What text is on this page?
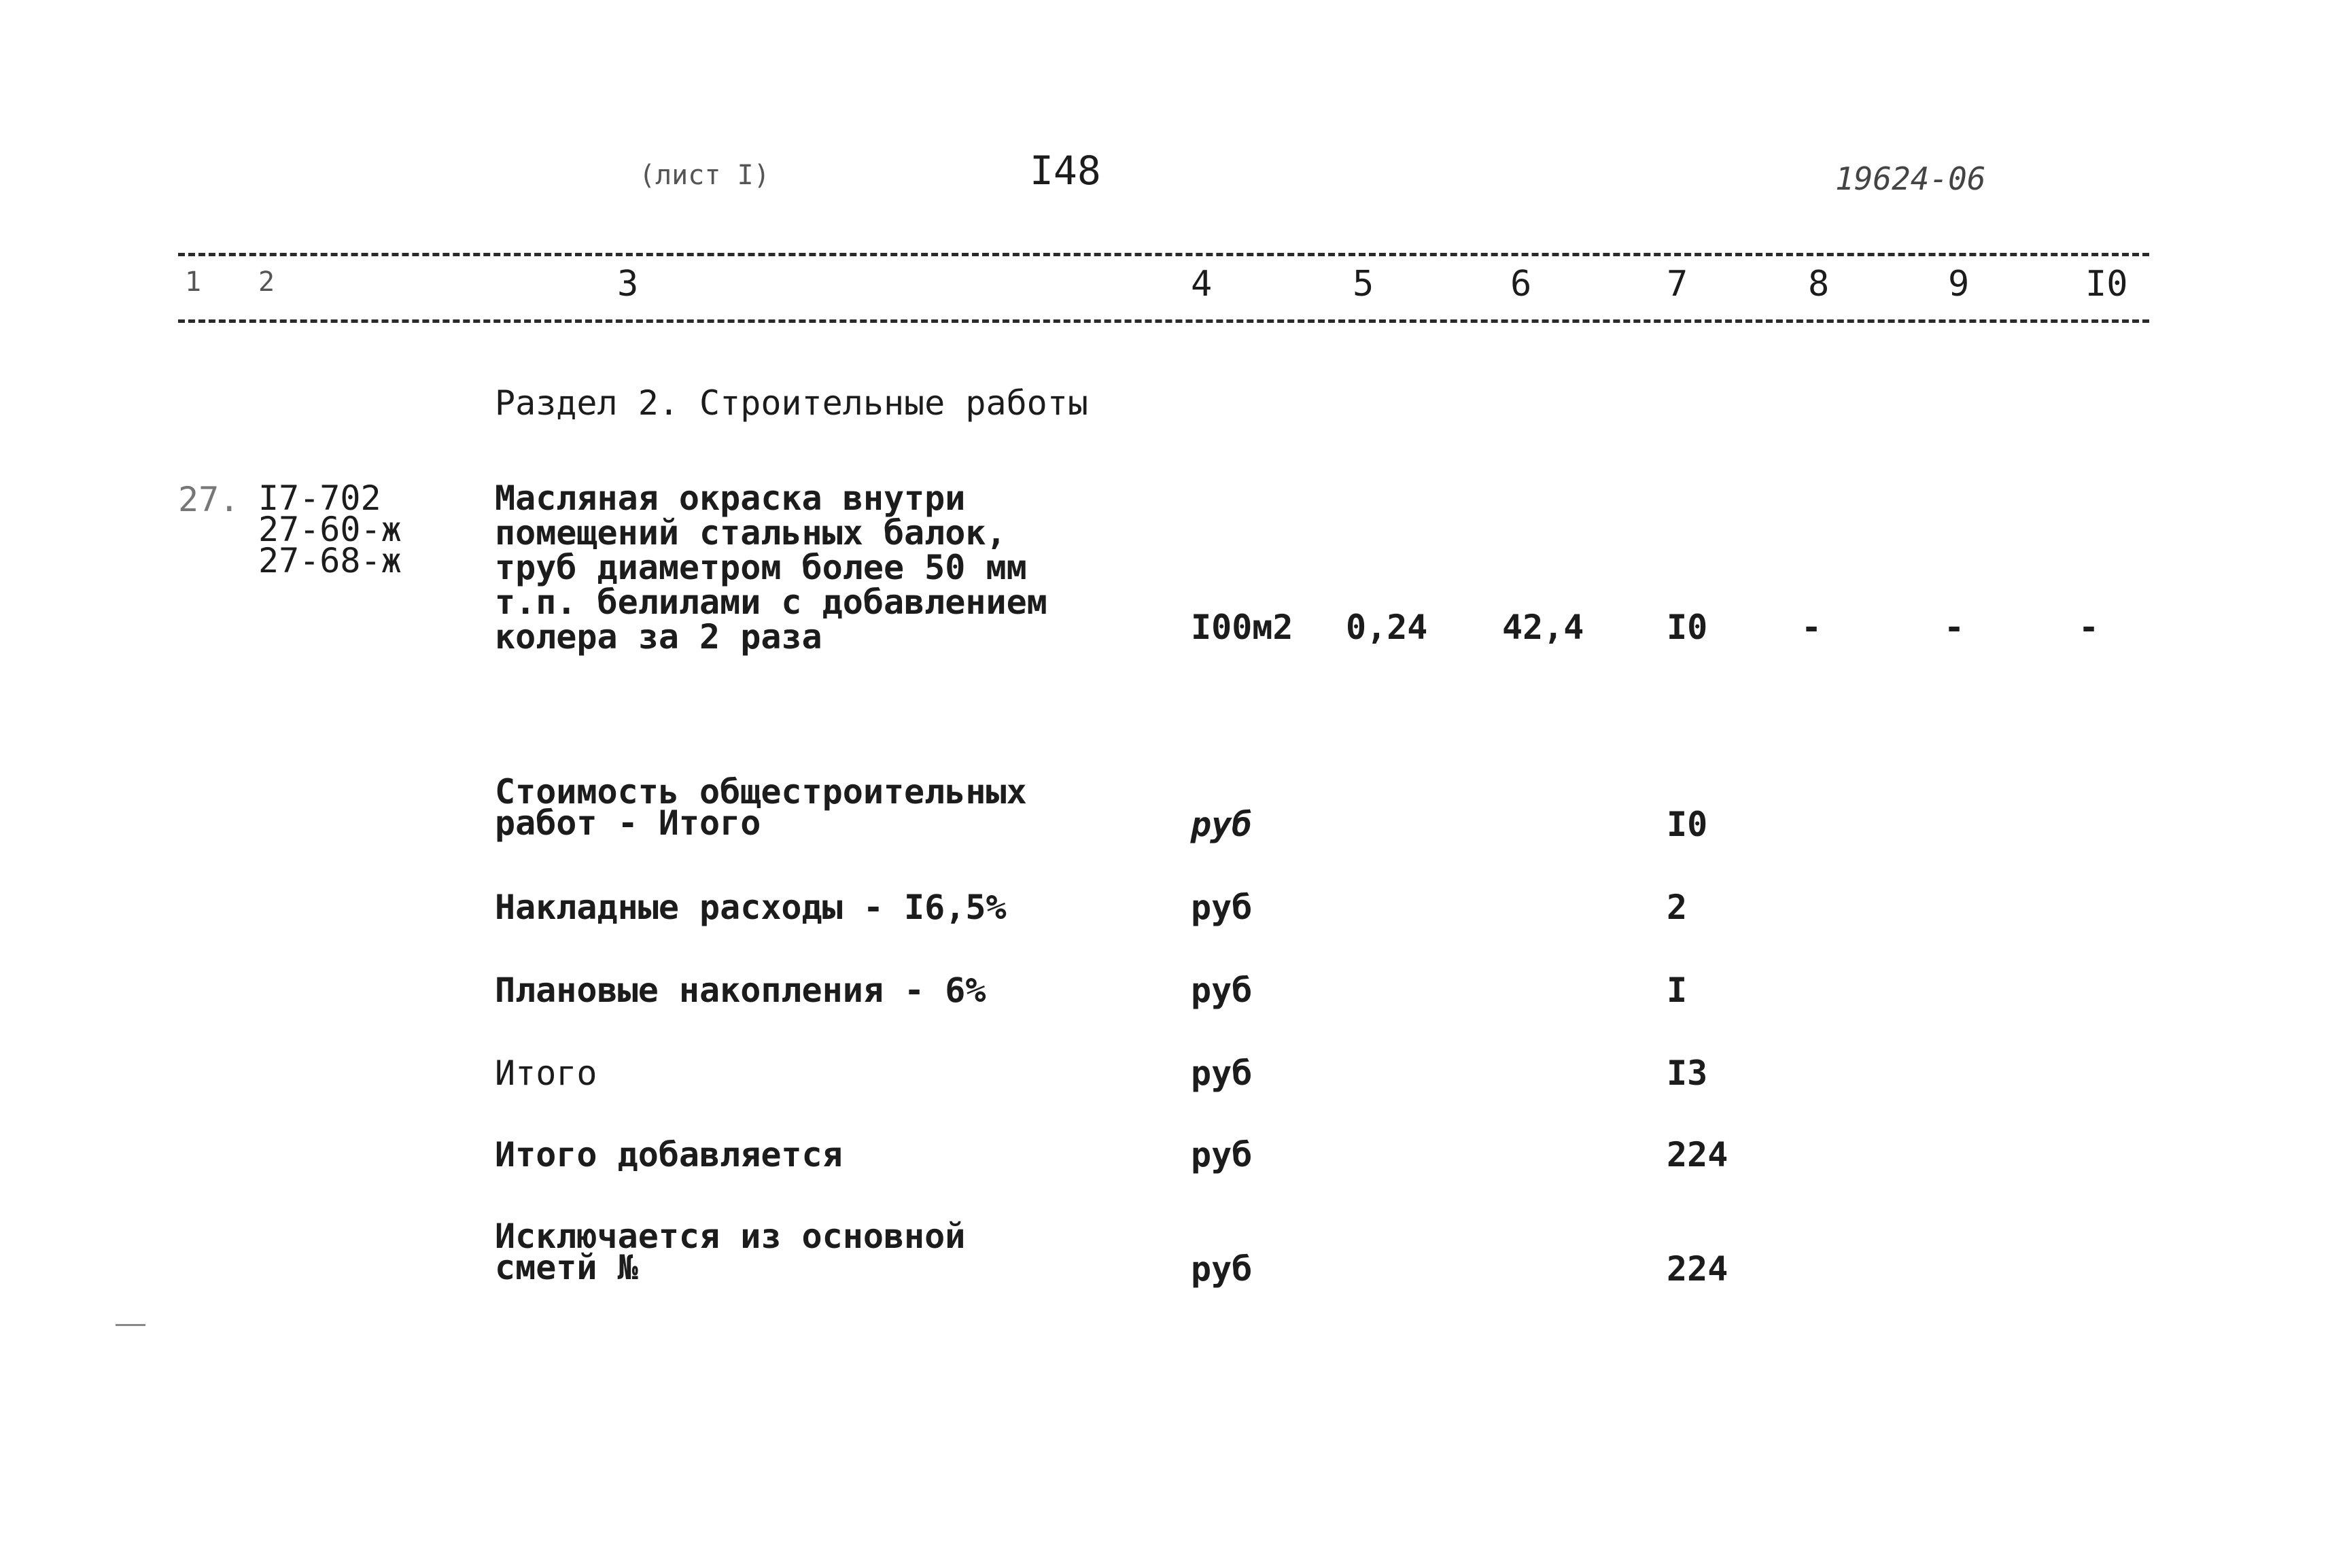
(лист I)	I48	19624-06
1 2	3	4	5	6	7	8	9	I0
Раздел 2. Строительные работы
27. I7-702
27-60-ж
27-68-ж
Масляная окраска внутри
помещений стальных балок,
труб диаметром более 50 мм
т.п. белилами с добавлением
колера за 2 раза	I00м2 0,24 42,4 I0	-	-	-
Стоимость общестроительных
работ - Итого	руб	I0
Накладные расходы - I6,5%	руб	2
Плановые накопления - 6%	руб	I
Итого	руб	I3
Итого добавляется	руб	224
Исключается из основной
сметй №	руб	224
